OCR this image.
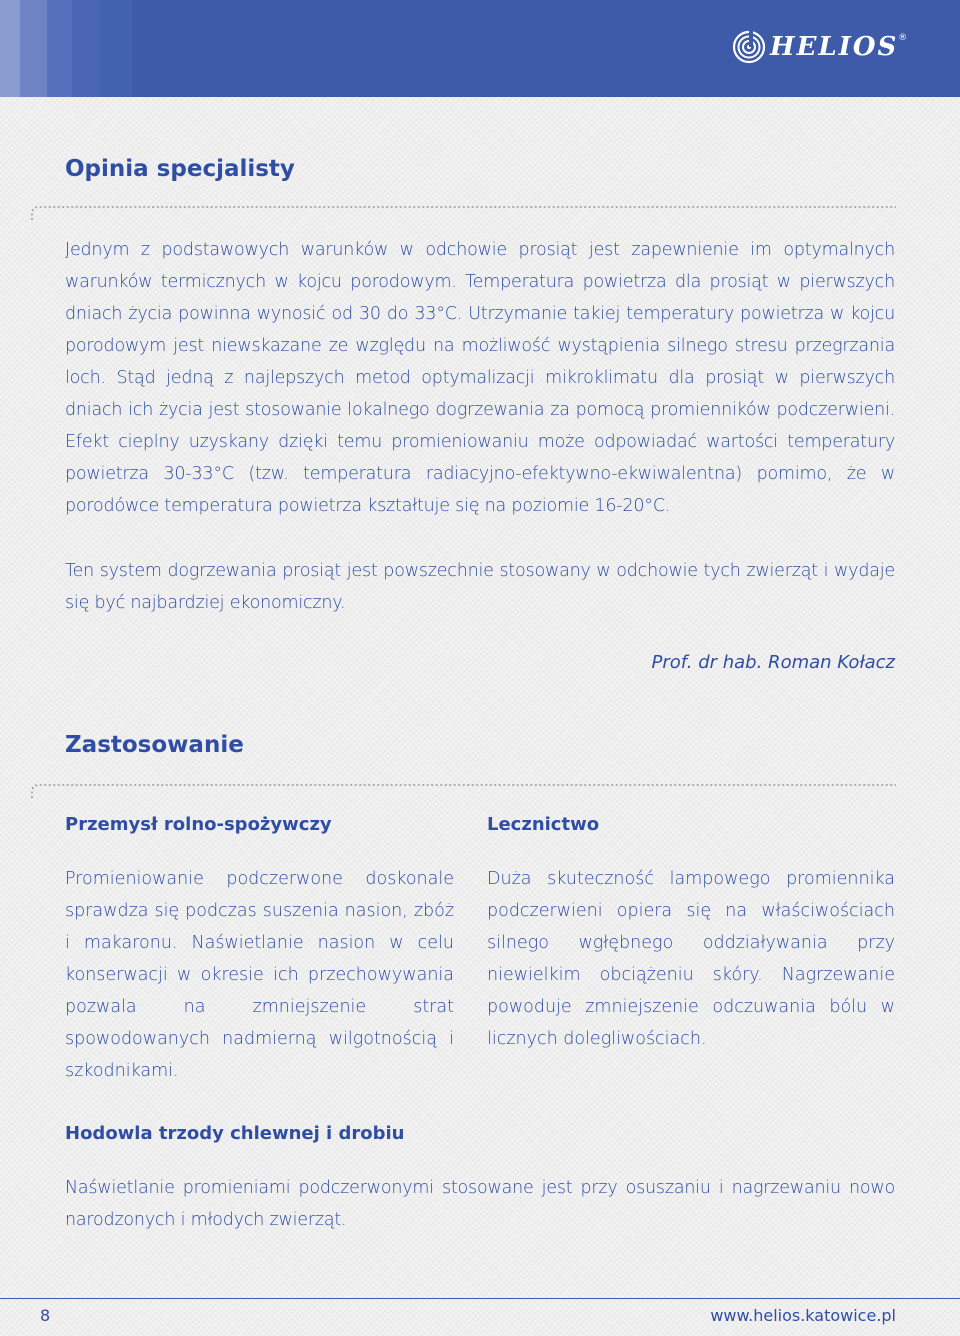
HELIOS ®
Opinia specjalisty

Jednym z podstawowych warunków w odchowie prosiąt jest zapewnienie im optymalnych warunków termicznych w kojcu porodowym. Temperatura powietrza dla prosiąt w pierwszych dniach życia powinna wynosić od 30 do 33°C. Utrzymanie takiej temperatury powietrza w kojcu porodowym jest niewskazane ze względu na możliwość wystąpienia silnego stresu przegrzania loch. Stąd jedną z najlepszych metod optymalizacji mikroklimatu dla prosiąt w pierwszych dniach ich życia jest stosowanie lokalnego dogrzewania za pomocą promienników podczerwieni. Efekt cieplny uzyskany dzięki temu promieniowaniu może odpowiadać wartości temperatury powietrza 30-33°C (tzw. temperatura radiacyjno-efektywno-ekwiwalentna) pomimo, że w porodówce temperatura powietrza kształtuje się na poziomie 16-20°C.

Ten system dogrzewania prosiąt jest powszechnie stosowany w odchowie tych zwierząt i wydaje się być najbardziej ekonomiczny.

Prof. dr hab. Roman Kołacz

Zastosowanie
Przemysł rolno-spożywczy

Promieniowanie podczerwone doskonale sprawdza się podczas suszenia nasion, zbóż i makaronu. Naświetlanie nasion w celu konserwacji w okresie ich przechowywania pozwala na zmniejszenie strat spowodowanych nadmierną wilgotnością i szkodnikami.

Lecznictwo

Duża skuteczność lampowego promiennika podczerwieni opiera się na właściwościach silnego wgłębnego oddziaływania przy niewielkim obciążeniu skóry. Nagrzewanie powoduje zmniejszenie odczuwania bólu w licznych dolegliwościach.

Hodowla trzody chlewnej i drobiu

Naświetlanie promieniami podczerwonymi stosowane jest przy osuszaniu i nagrzewaniu nowo narodzonych i młodych zwierząt.

8	www.helios.katowice.pl
